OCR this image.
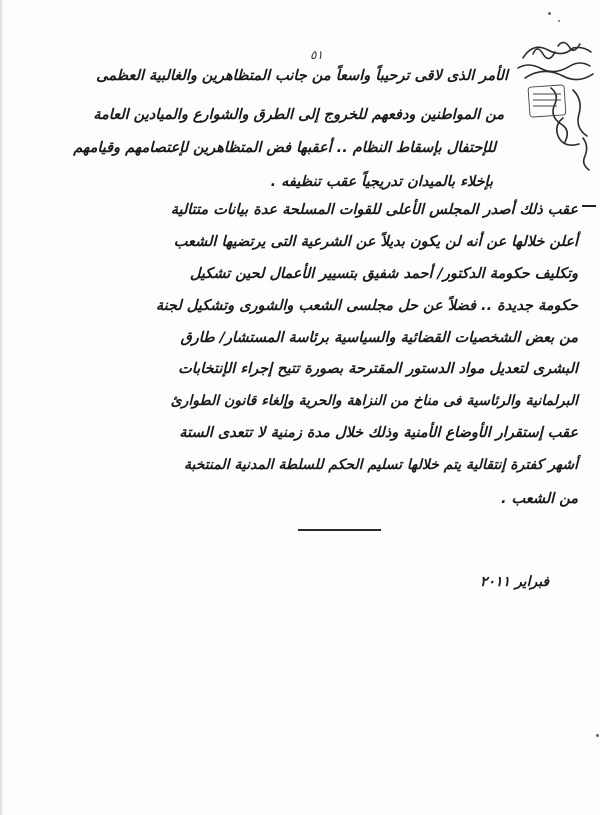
٥١
الأمر الذى لاقى ترحيباً واسعاً من جانب المتظاهرين والغالبية العظمى
من المواطنين ودفعهم للخروج إلى الطرق والشوارع والميادين العامة
للإحتفال بإسقاط النظام .. أعقبها فض المتظاهرين لإعتصامهم وقيامهم
بإخلاء بالميدان تدريجياً عقب تنظيفه .
عقب ذلك أصدر المجلس الأعلى للقوات المسلحة عدة بيانات متتالية
أعلن خلالها عن أنه لن يكون بديلاً عن الشرعية التى يرتضيها الشعب
وتكليف حكومة الدكتور/ أحمد شفيق بتسيير الأعمال لحين تشكيل
حكومة جديدة .. فضلاً عن حل مجلسى الشعب والشورى وتشكيل لجنة
من بعض الشخصيات القضائية والسياسية برئاسة المستشار/ طارق
البشرى لتعديل مواد الدستور المقترحة بصورة تتيح إجراء الإنتخابات
البرلمانية والرئاسية فى مناخ من النزاهة والحرية وإلغاء قانون الطوارئ
عقب إستقرار الأوضاع الأمنية وذلك خلال مدة زمنية لا تتعدى الستة
أشهر كفترة إنتقالية يتم خلالها تسليم الحكم للسلطة المدنية المنتخبة
من الشعب .
فبراير ٢٠١١
